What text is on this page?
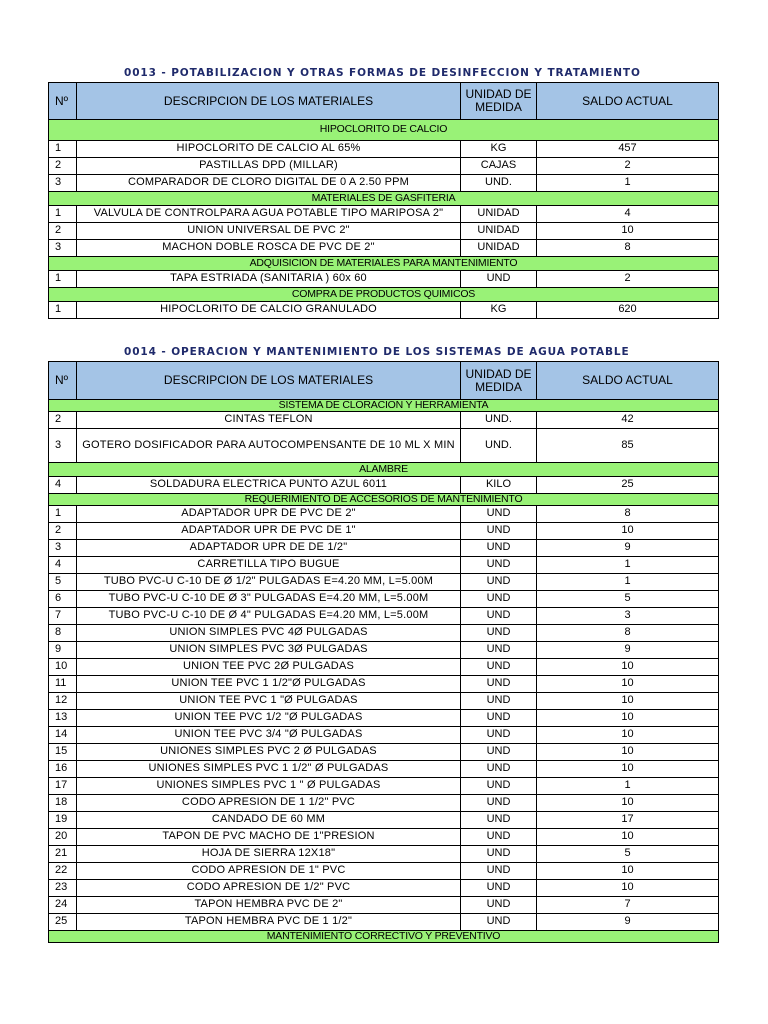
0013 - POTABILIZACION Y OTRAS FORMAS DE DESINFECCION Y TRATAMIENTO
Nº	DESCRIPCION DE LOS MATERIALES	UNIDAD DE MEDIDA	SALDO ACTUAL
HIPOCLORITO DE CALCIO			
1	HIPOCLORITO DE CALCIO AL 65%	KG	457
2	PASTILLAS DPD (MILLAR)	CAJAS	2
3	COMPARADOR DE CLORO DIGITAL DE 0 A 2.50 PPM	UND.	1
MATERIALES DE GASFITERIA			
1	VALVULA DE CONTROLPARA AGUA POTABLE TIPO MARIPOSA 2"	UNIDAD	4
2	UNION UNIVERSAL DE PVC 2"	UNIDAD	10
3	MACHON DOBLE ROSCA DE PVC DE 2"	UNIDAD	8
ADQUISICION DE MATERIALES PARA MANTENIMIENTO			
1	TAPA ESTRIADA (SANITARIA ) 60x 60	UND	2
COMPRA DE PRODUCTOS QUIMICOS			
1	HIPOCLORITO DE CALCIO GRANULADO	KG	620
0014 - OPERACION Y MANTENIMIENTO DE LOS SISTEMAS DE AGUA POTABLE
Nº	DESCRIPCION DE LOS MATERIALES	UNIDAD DE MEDIDA	SALDO ACTUAL
SISTEMA DE CLORACION Y HERRAMIENTA			
2	CINTAS TEFLON	UND.	42
3	GOTERO DOSIFICADOR PARA AUTOCOMPENSANTE DE 10 ML X MIN	UND.	85
ALAMBRE			
4	SOLDADURA ELECTRICA PUNTO AZUL 6011	KILO	25
REQUERIMIENTO DE ACCESORIOS DE MANTENIMIENTO			
1	ADAPTADOR UPR DE PVC DE 2"	UND	8
2	ADAPTADOR UPR DE PVC DE 1"	UND	10
3	ADAPTADOR UPR DE DE 1/2"	UND	9
4	CARRETILLA TIPO BUGUE	UND	1
5	TUBO PVC-U C-10 DE Ø 1/2" PULGADAS E=4.20 MM, L=5.00M	UND	1
6	TUBO PVC-U C-10 DE Ø 3" PULGADAS E=4.20 MM, L=5.00M	UND	5
7	TUBO PVC-U C-10 DE Ø 4" PULGADAS E=4.20 MM, L=5.00M	UND	3
8	UNION SIMPLES PVC 4Ø PULGADAS	UND	8
9	UNION SIMPLES PVC 3Ø PULGADAS	UND	9
10	UNION TEE PVC 2Ø PULGADAS	UND	10
11	UNION TEE PVC 1 1/2"Ø PULGADAS	UND	10
12	UNION TEE PVC 1 "Ø PULGADAS	UND	10
13	UNION TEE PVC 1/2 "Ø PULGADAS	UND	10
14	UNION TEE PVC 3/4 "Ø PULGADAS	UND	10
15	UNIONES SIMPLES PVC 2 Ø PULGADAS	UND	10
16	UNIONES SIMPLES PVC 1 1/2" Ø PULGADAS	UND	10
17	UNIONES SIMPLES PVC 1 " Ø PULGADAS	UND	1
18	CODO APRESION DE 1 1/2" PVC	UND	10
19	CANDADO DE 60 MM	UND	17
20	TAPON DE PVC MACHO DE 1"PRESION	UND	10
21	HOJA DE SIERRA 12X18"	UND	5
22	CODO APRESION DE 1" PVC	UND	10
23	CODO APRESION DE 1/2" PVC	UND	10
24	TAPON HEMBRA PVC DE 2"	UND	7
25	TAPON HEMBRA PVC DE 1 1/2"	UND	9
MANTENIMIENTO CORRECTIVO Y PREVENTIVO			
